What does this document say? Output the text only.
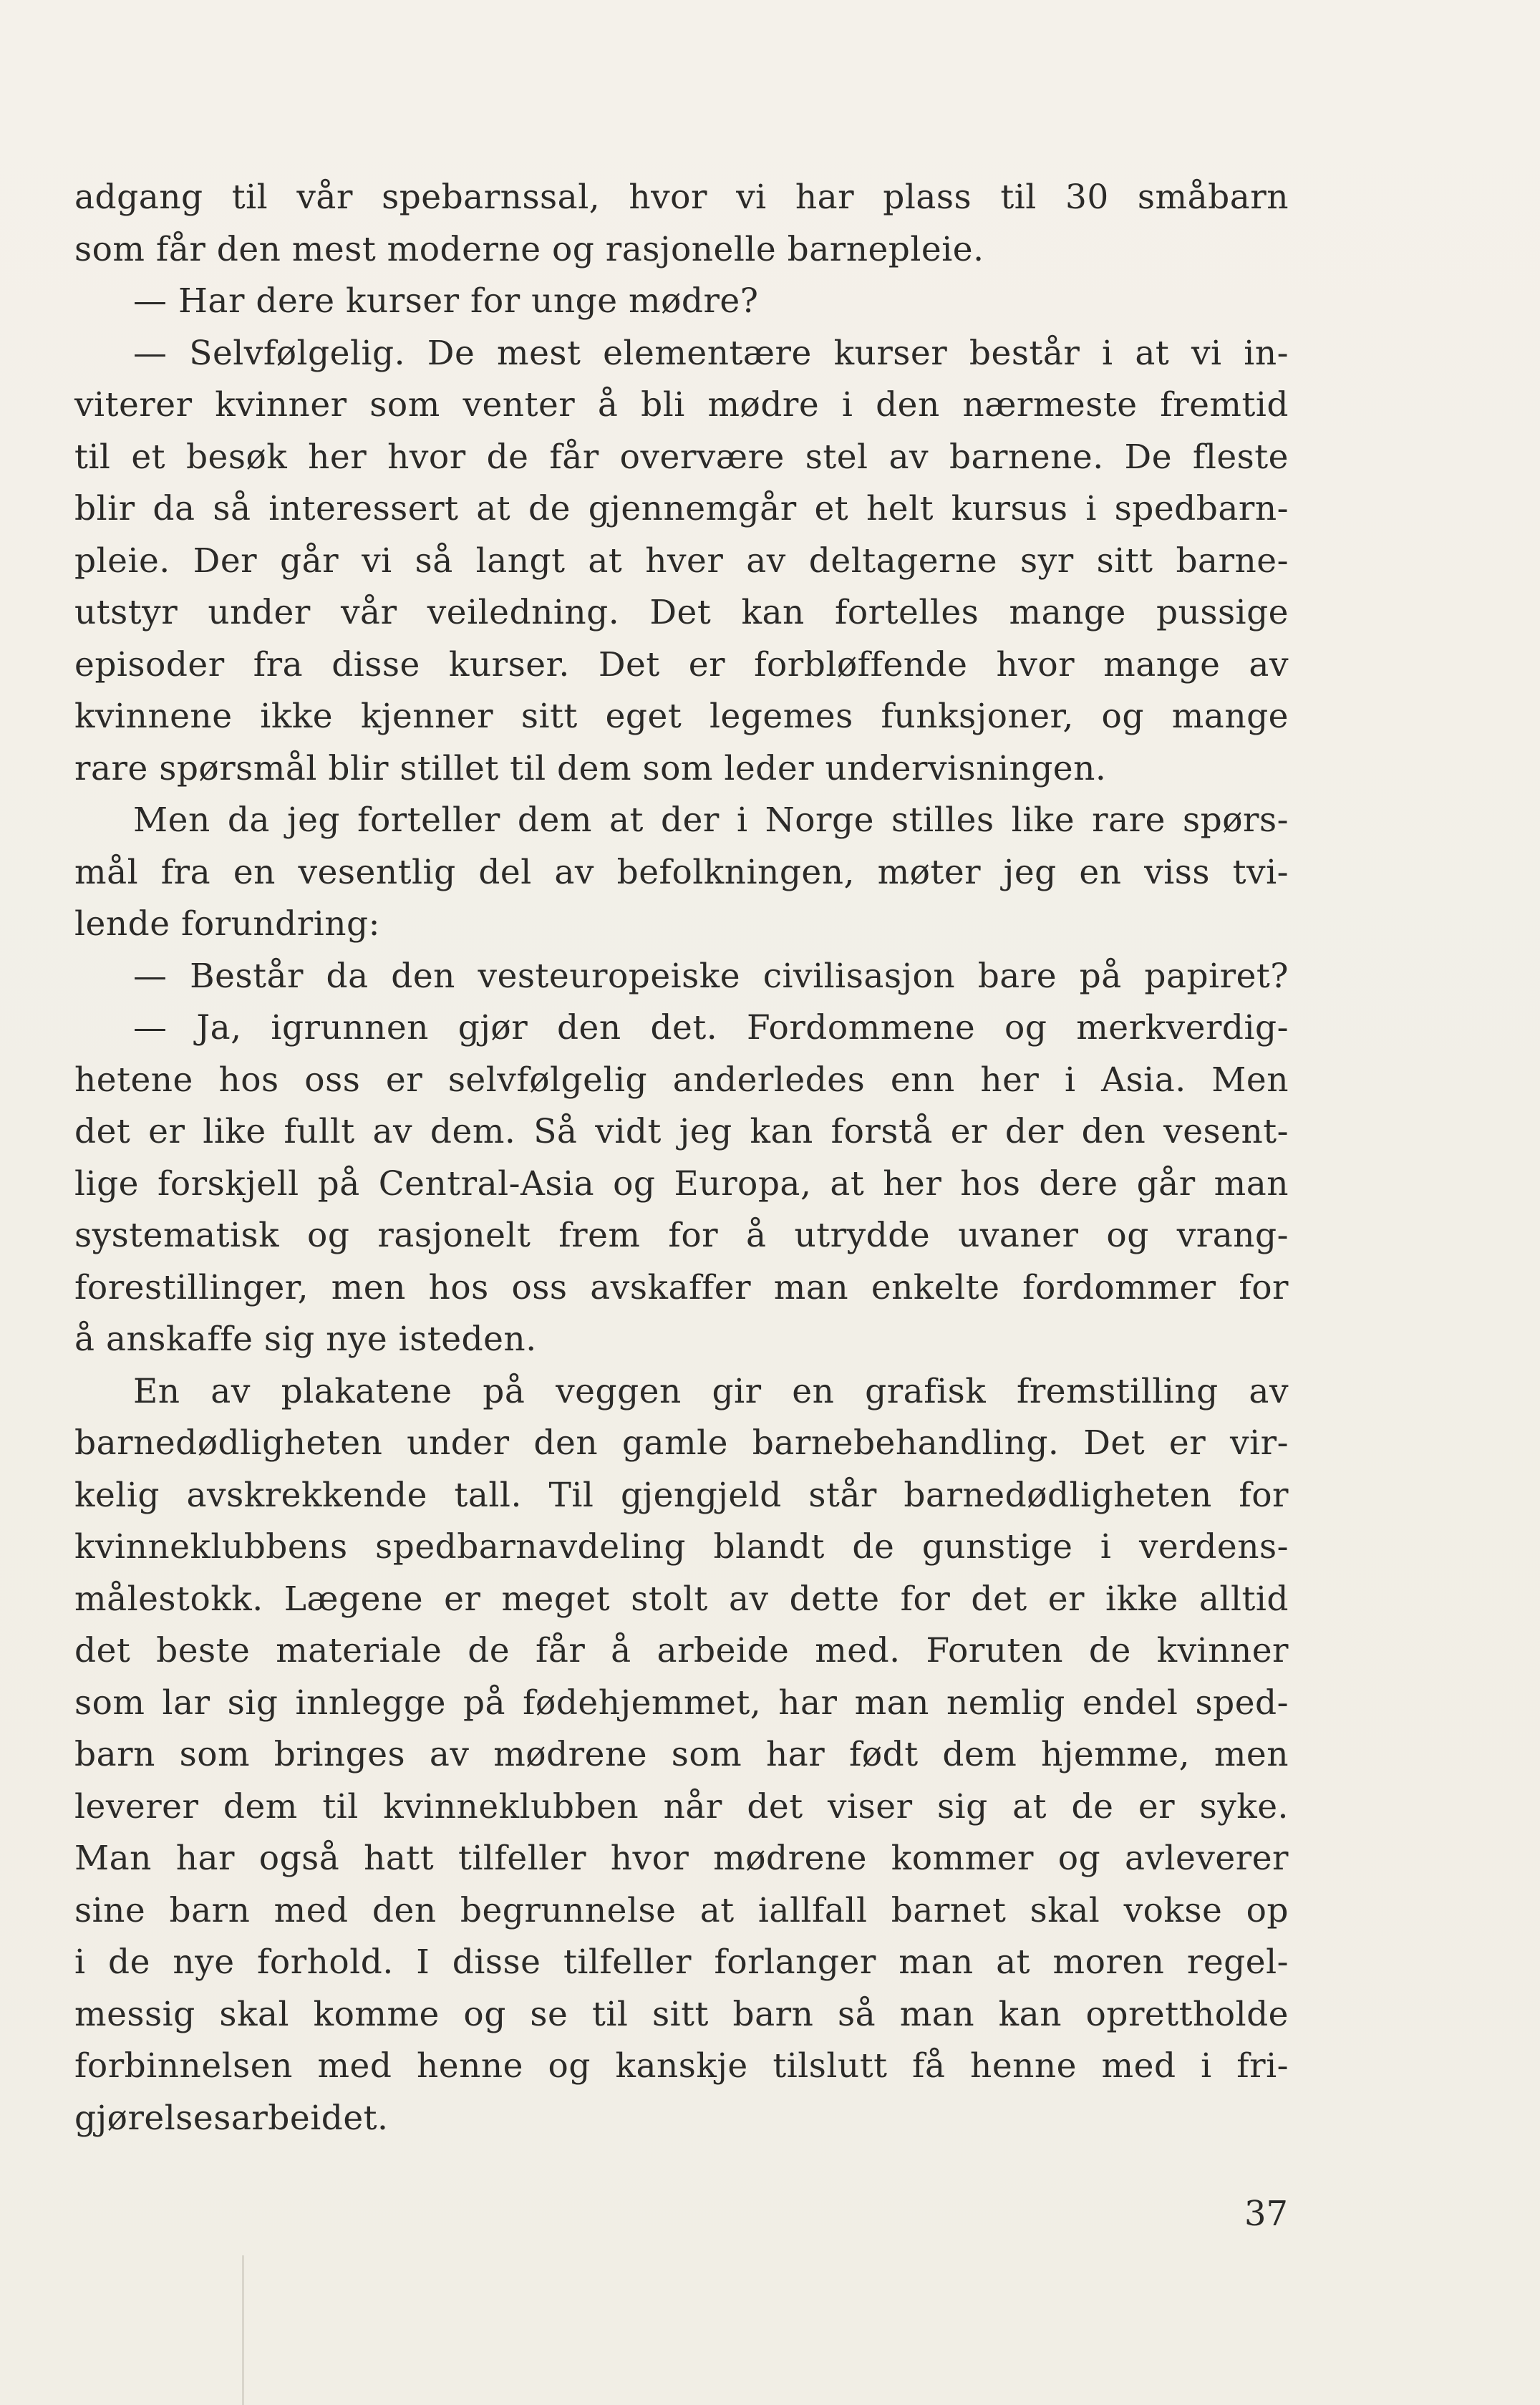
adgang til vår spebarnssal, hvor vi har plass til 30 småbarn
som får den mest moderne og rasjonelle barnepleie.
— Har dere kurser for unge mødre?
— Selvfølgelig. De mest elementære kurser består i at vi in-
viterer kvinner som venter å bli mødre i den nærmeste fremtid
til et besøk her hvor de får overvære stel av barnene. De fleste
blir da så interessert at de gjennemgår et helt kursus i spedbarn-
pleie. Der går vi så langt at hver av deltagerne syr sitt barne-
utstyr under vår veiledning. Det kan fortelles mange pussige
episoder fra disse kurser. Det er forbløffende hvor mange av
kvinnene ikke kjenner sitt eget legemes funksjoner, og mange
rare spørsmål blir stillet til dem som leder undervisningen.
Men da jeg forteller dem at der i Norge stilles like rare spørs-
mål fra en vesentlig del av befolkningen, møter jeg en viss tvi-
lende forundring:
— Består da den vesteuropeiske civilisasjon bare på papiret?
— Ja, igrunnen gjør den det. Fordommene og merkverdig-
hetene hos oss er selvfølgelig anderledes enn her i Asia. Men
det er like fullt av dem. Så vidt jeg kan forstå er der den vesent-
lige forskjell på Central-Asia og Europa, at her hos dere går man
systematisk og rasjonelt frem for å utrydde uvaner og vrang-
forestillinger, men hos oss avskaffer man enkelte fordommer for
å anskaffe sig nye isteden.
En av plakatene på veggen gir en grafisk fremstilling av
barnedødligheten under den gamle barnebehandling. Det er vir-
kelig avskrekkende tall. Til gjengjeld står barnedødligheten for
kvinneklubbens spedbarnavdeling blandt de gunstige i verdens-
målestokk. Lægene er meget stolt av dette for det er ikke alltid
det beste materiale de får å arbeide med. Foruten de kvinner
som lar sig innlegge på fødehjemmet, har man nemlig endel sped-
barn som bringes av mødrene som har født dem hjemme, men
leverer dem til kvinneklubben når det viser sig at de er syke.
Man har også hatt tilfeller hvor mødrene kommer og avleverer
sine barn med den begrunnelse at iallfall barnet skal vokse op
i de nye forhold. I disse tilfeller forlanger man at moren regel-
messig skal komme og se til sitt barn så man kan oprettholde
forbinnelsen med henne og kanskje tilslutt få henne med i fri-
gjørelsesarbeidet.
37
